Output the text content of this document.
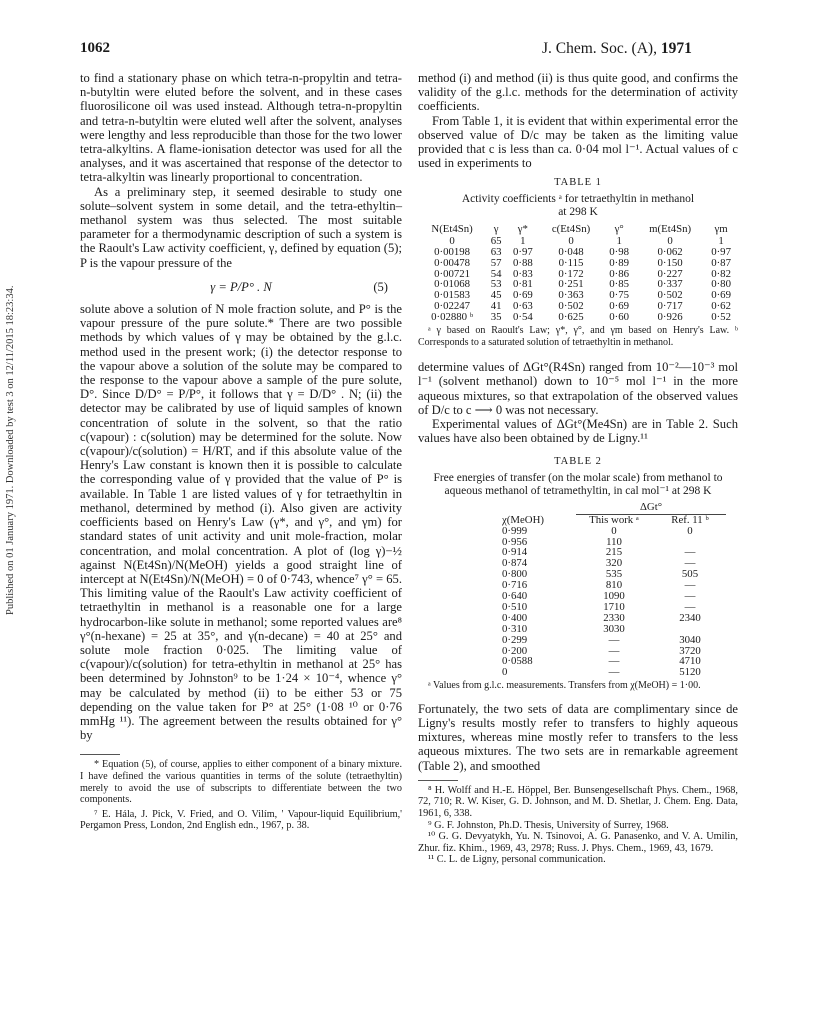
Published on 01 January 1971. Downloaded by test 3 on 12/11/2015 18:23:34.
1062	J. Chem. Soc. (A), 1971

to find a stationary phase on which tetra-n-propyltin and tetra-n-butyltin were eluted before the solvent, and in these cases fluorosilicone oil was used instead. Although tetra-n-propyltin and tetra-n-butyltin were eluted well after the solvent, analyses were lengthy and less reproducible than those for the two lower tetra-alkyltins. A flame-ionisation detector was used for all the analyses, and it was ascertained that response of the detector to tetra-alkyltin was linearly proportional to concentration.

As a preliminary step, it seemed desirable to study one solute–solvent system in some detail, and the tetra-ethyltin–methanol system was thus selected. The most suitable parameter for a thermodynamic description of such a system is the Raoult's Law activity coefficient, γ, defined by equation (5); P is the vapour pressure of the

γ = P/P° . N	(5)

solute above a solution of N mole fraction solute, and P° is the vapour pressure of the pure solute.* There are two possible methods by which values of γ may be obtained by the g.l.c. method used in the present work; (i) the detector response to the vapour above a solution of the solute may be compared to the response to the vapour above a sample of the pure solute, D°. Since D/D° = P/P°, it follows that γ = D/D° . N; (ii) the detector may be calibrated by use of liquid samples of known concentration of solute in the solvent, so that the ratio c(vapour) : c(solution) may be determined for the solute. Now c(vapour)/c(solution) = H/RT, and if this absolute value of the Henry's Law constant is known then it is possible to calculate the corresponding value of γ provided that the value of P° is available. In Table 1 are listed values of γ for tetraethyltin in methanol, determined by method (i). Also given are activity coefficients based on Henry's Law (γ*, and γ°, and γm) for standard states of unit activity and unit mole-fraction, molar concentration, and molal concentration. A plot of (log γ)−½ against N(Et4Sn)/N(MeOH) yields a good straight line of intercept at N(Et4Sn)/N(MeOH) = 0 of 0·743, whence⁷ γ° = 65. This limiting value of the Raoult's Law activity coefficient of tetraethyltin in methanol is a reasonable one for a large hydrocarbon-like solute in methanol; some reported values are⁸ γ°(n-hexane) = 25 at 35°, and γ(n-decane) = 40 at 25° and solute mole fraction 0·025. The limiting value of c(vapour)/c(solution) for tetra-ethyltin in methanol at 25° has been determined by Johnston⁹ to be 1·24 × 10⁻⁴, whence γ° may be calculated by method (ii) to be either 53 or 75 depending on the value taken for P° at 25° (1·08 ¹⁰ or 0·76 mmHg ¹¹). The agreement between the results obtained for γ° by

* Equation (5), of course, applies to either component of a binary mixture. I have defined the various quantities in terms of the solute (tetraethyltin) merely to avoid the use of subscripts to differentiate between the two components.

⁷ E. Hála, J. Pick, V. Fried, and O. Vilím, ' Vapour-liquid Equilibrium,' Pergamon Press, London, 2nd English edn., 1967, p. 38.

method (i) and method (ii) is thus quite good, and confirms the validity of the g.l.c. methods for the determination of activity coefficients.

From Table 1, it is evident that within experimental error the observed value of D/c may be taken as the limiting value provided that c is less than ca. 0·04 mol l⁻¹. Actual values of c used in experiments to

TABLE 1
Activity coefficients ᵃ for tetraethyltin in methanol
at 298 K
N(Et4Sn)	γ	γ*	c(Et4Sn)	γ°	m(Et4Sn)	γm
0	65	1	0	1	0	1
0·00198	63	0·97	0·048	0·98	0·062	0·97
0·00478	57	0·88	0·115	0·89	0·150	0·87
0·00721	54	0·83	0·172	0·86	0·227	0·82
0·01068	53	0·81	0·251	0·85	0·337	0·80
0·01583	45	0·69	0·363	0·75	0·502	0·69
0·02247	41	0·63	0·502	0·69	0·717	0·62
0·02880 ᵇ	35	0·54	0·625	0·60	0·926	0·52

ᵃ γ based on Raoult's Law; γ*, γ°, and γm based on Henry's Law. ᵇ Corresponds to a saturated solution of tetraethyltin in methanol.

determine values of ΔGt°(R4Sn) ranged from 10⁻²—10⁻³ mol l⁻¹ (solvent methanol) down to 10⁻⁵ mol l⁻¹ in the more aqueous mixtures, so that extrapolation of the observed values of D/c to c ⟶ 0 was not necessary.

Experimental values of ΔGt°(Me4Sn) are in Table 2. Such values have also been obtained by de Ligny.¹¹

TABLE 2
Free energies of transfer (on the molar scale) from methanol to aqueous methanol of tetramethyltin, in cal mol⁻¹ at 298 K
ΔGt°
χ(MeOH)	This work ᵃ	Ref. 11 ᵇ
0·999	0	0
0·956	110	
0·914	215	—
0·874	320	—
0·800	535	505
0·716	810	—
0·640	1090	—
0·510	1710	—
0·400	2330	2340
0·310	3030	
0·299	—	3040
0·200	—	3720
0·0588	—	4710
0	—	5120

ᵃ Values from g.l.c. measurements. Transfers from χ(MeOH) = 1·00.

Fortunately, the two sets of data are complimentary since de Ligny's results mostly refer to transfers to highly aqueous mixtures, whereas mine mostly refer to transfers to the less aqueous mixtures. The two sets are in remarkable agreement (Table 2), and smoothed

⁸ H. Wolff and H.-E. Höppel, Ber. Bunsengesellschaft Phys. Chem., 1968, 72, 710; R. W. Kiser, G. D. Johnson, and M. D. Shetlar, J. Chem. Eng. Data, 1961, 6, 338.

⁹ G. F. Johnston, Ph.D. Thesis, University of Surrey, 1968.

¹⁰ G. G. Devyatykh, Yu. N. Tsinovoi, A. G. Panasenko, and V. A. Umilin, Zhur. fiz. Khim., 1969, 43, 2978; Russ. J. Phys. Chem., 1969, 43, 1679.

¹¹ C. L. de Ligny, personal communication.
